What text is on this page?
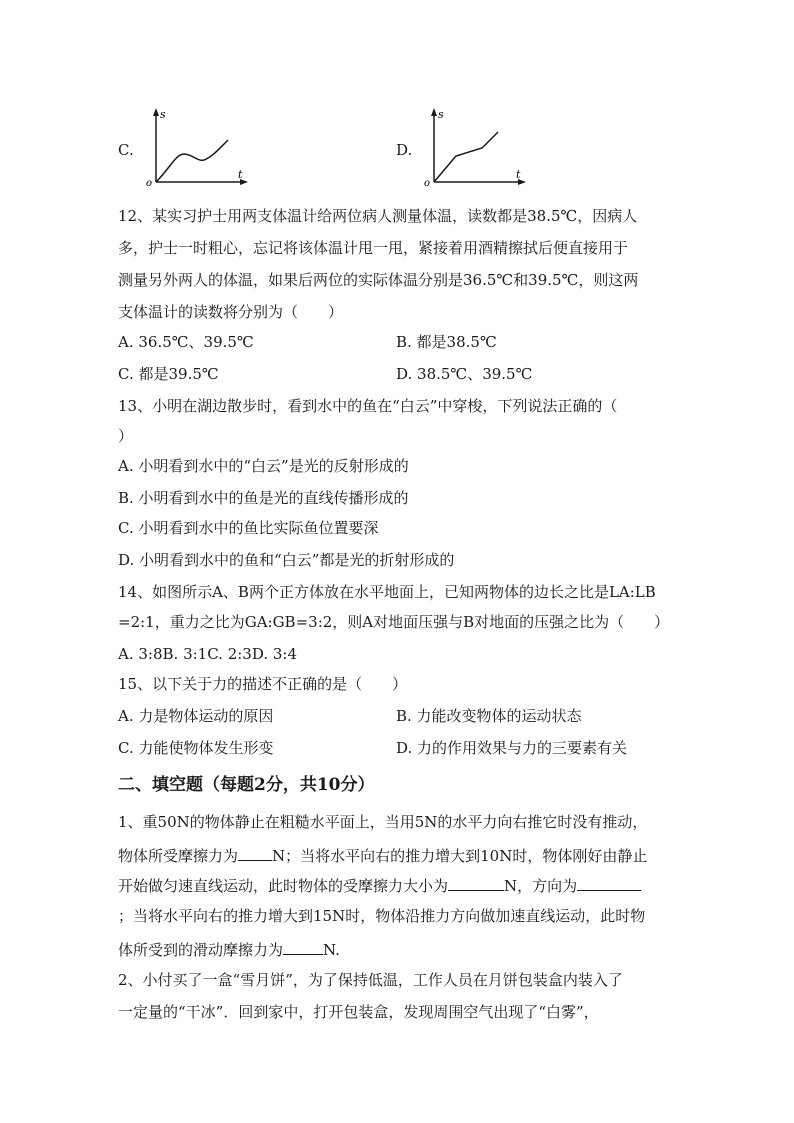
C.
s
t
o
D.
s
t
o
12、某实习护士用两支体温计给两位病人测量体温，读数都是38.5℃，因病人
多，护士一时粗心，忘记将该体温计甩一甩，紧接着用酒精擦拭后便直接用于
测量另外两人的体温，如果后两位的实际体温分别是36.5℃和39.5℃，则这两
支体温计的读数将分别为（　　）
A. 36.5℃、39.5℃	B. 都是38.5℃
C. 都是39.5℃	D. 38.5℃、39.5℃
13、小明在湖边散步时，看到水中的鱼在“白云”中穿梭，下列说法正确的（
）
A. 小明看到水中的“白云”是光的反射形成的
B. 小明看到水中的鱼是光的直线传播形成的
C. 小明看到水中的鱼比实际鱼位置要深
D. 小明看到水中的鱼和“白云”都是光的折射形成的
14、如图所示A、B两个正方体放在水平地面上，已知两物体的边长之比是LA:LB
=2:1，重力之比为GA:GB=3:2，则A对地面压强与B对地面的压强之比为（　　）
A. 3:8B. 3:1C. 2:3D. 3:4
15、以下关于力的描述不正确的是（　　）
A. 力是物体运动的原因	B. 力能改变物体的运动状态
C. 力能使物体发生形变	D. 力的作用效果与力的三要素有关
二、填空题（每题2分，共10分）
1、重50N的物体静止在粗糙水平面上，当用5N的水平力向右推它时没有推动，
物体所受摩擦力为 N；当将水平向右的推力增大到10N时，物体刚好由静止
开始做匀速直线运动，此时物体的受摩擦力大小为	N，方向为
；当将水平向右的推力增大到15N时，物体沿推力方向做加速直线运动，此时物
体所受到的滑动摩擦力为	N.
2、小付买了一盒“雪月饼”，为了保持低温，工作人员在月饼包装盒内装入了
一定量的“干冰”．回到家中，打开包装盒，发现周围空气出现了“白雾”，
